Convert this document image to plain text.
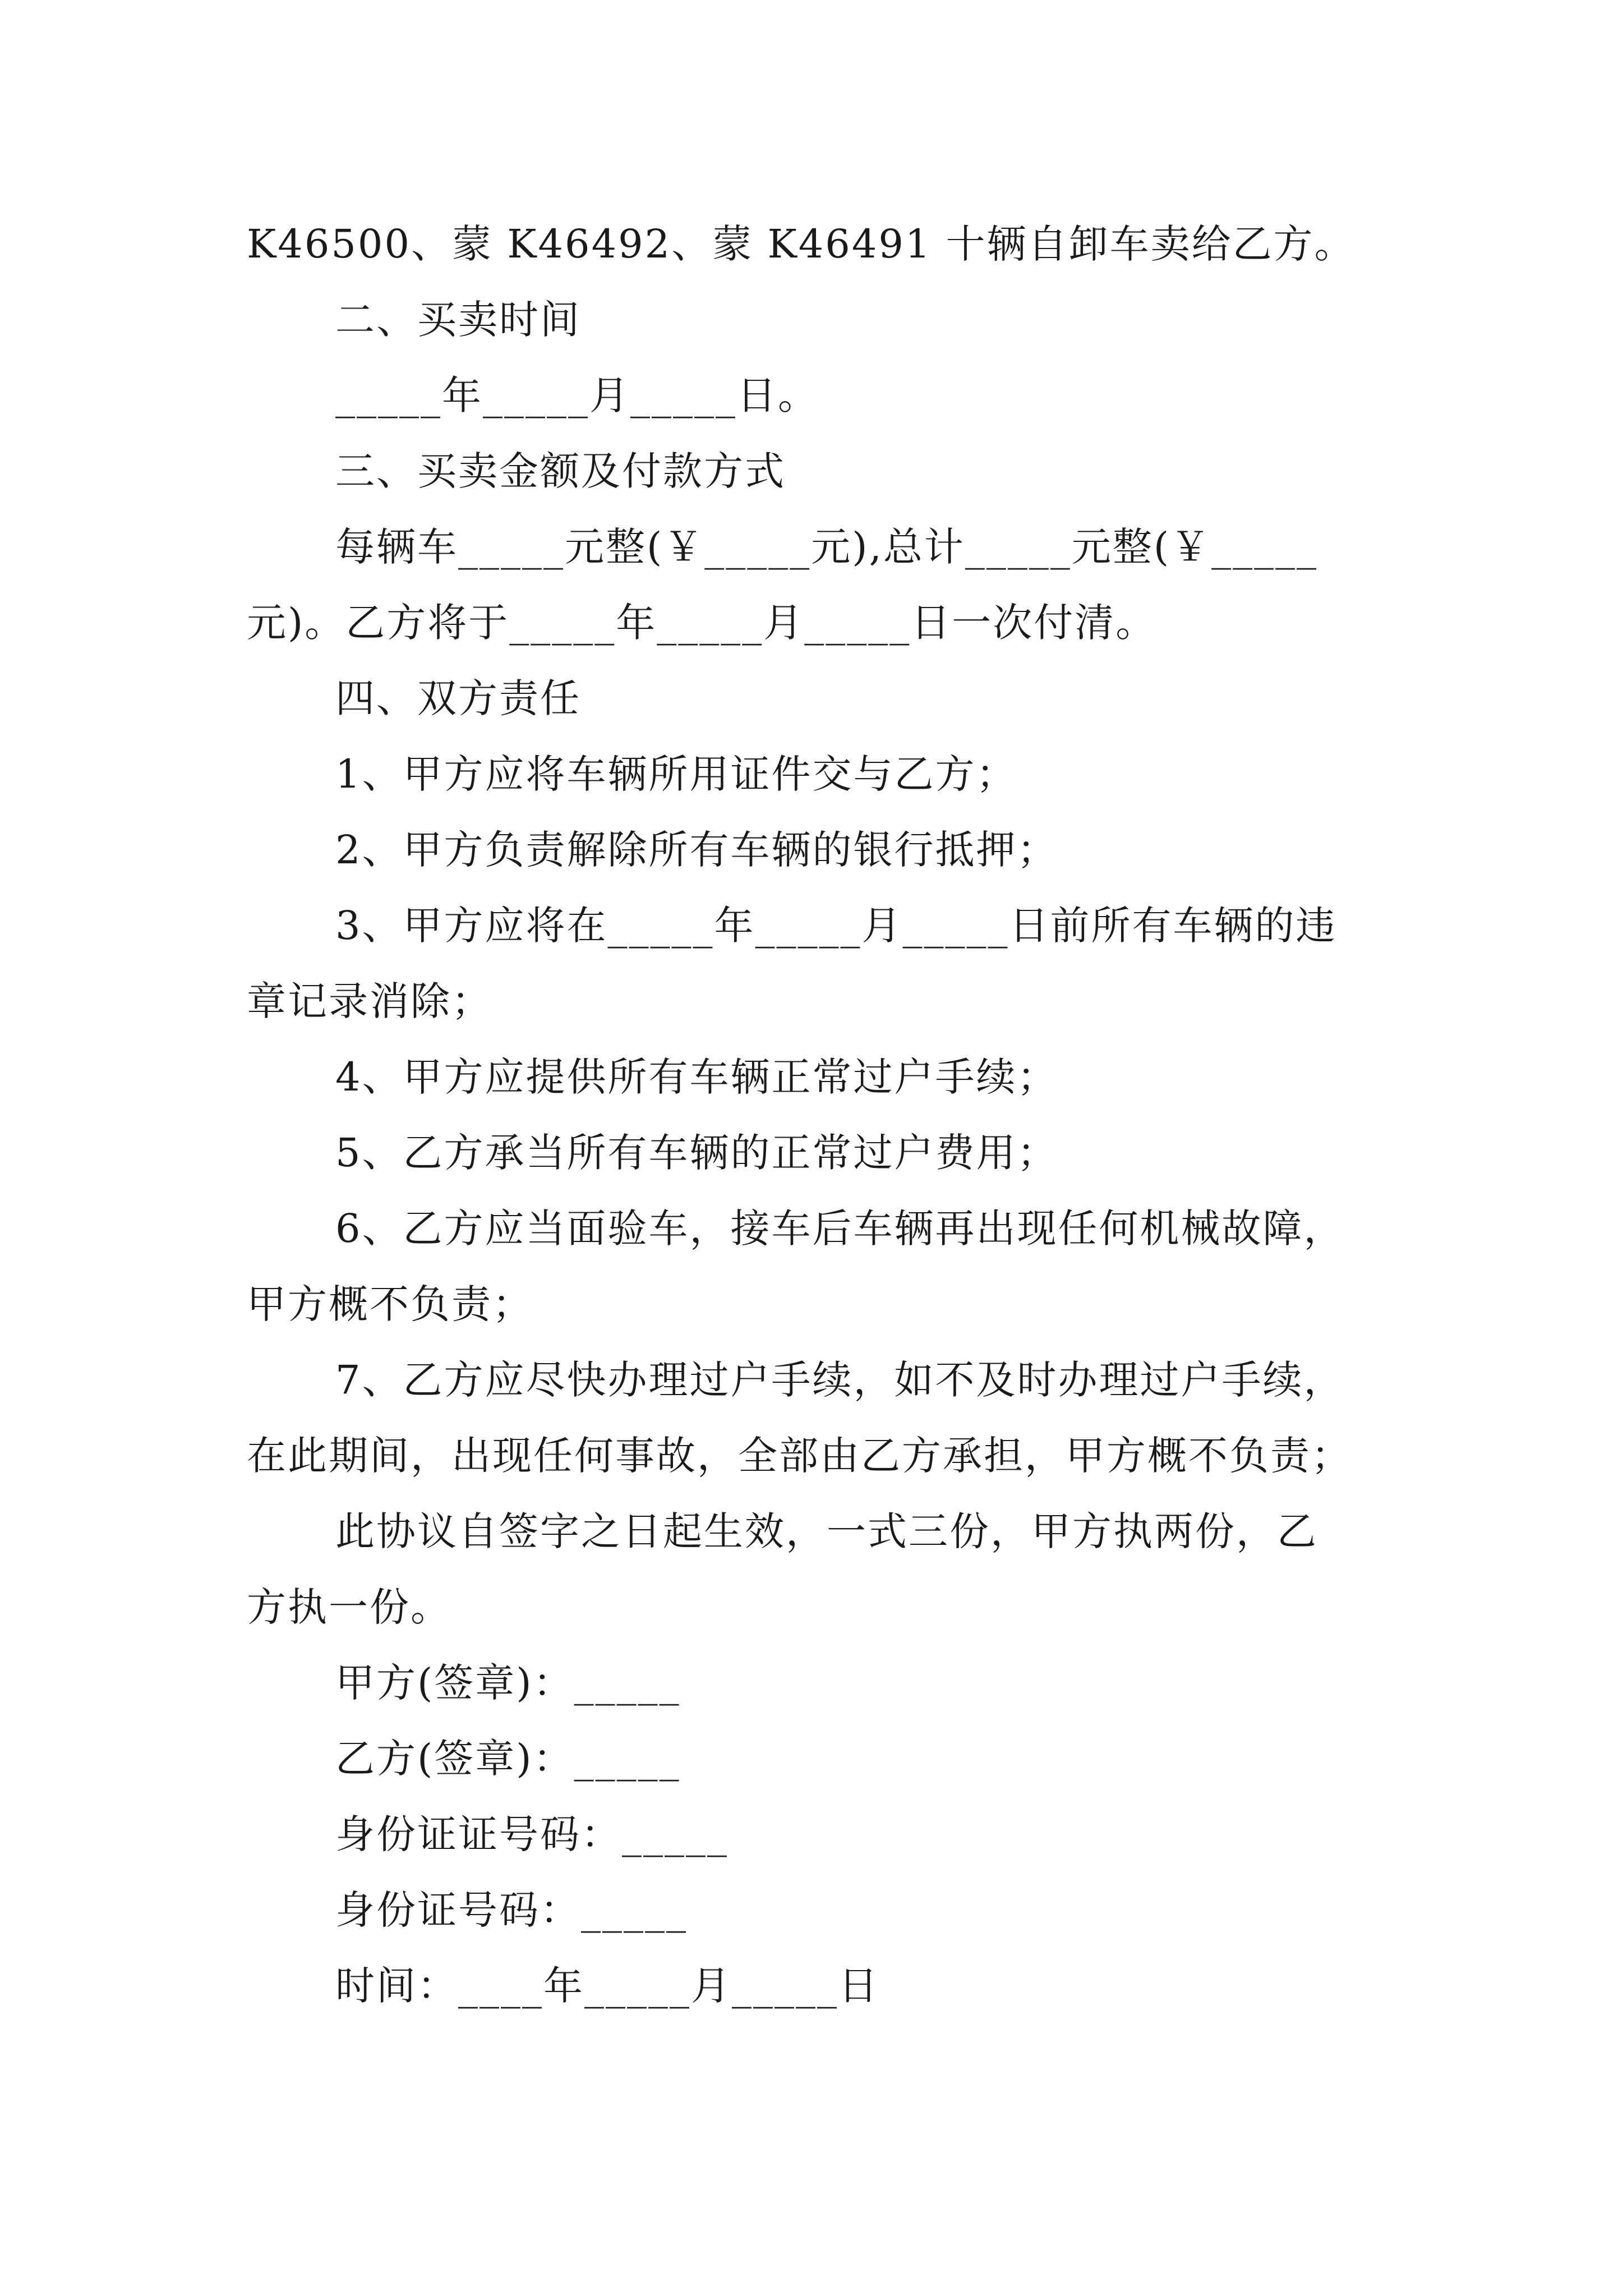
K46500、蒙 K46492、蒙 K46491 十辆自卸车卖给乙方。
二、买卖时间
_____年_____月_____日。
三、买卖金额及付款方式
每辆车_____元整(￥_____元),总计_____元整(￥_____
元)。乙方将于_____年_____月_____日一次付清。
四、双方责任
1、甲方应将车辆所用证件交与乙方；
2、甲方负责解除所有车辆的银行抵押；
3、甲方应将在_____年_____月_____日前所有车辆的违
章记录消除；
4、甲方应提供所有车辆正常过户手续；
5、乙方承当所有车辆的正常过户费用；
6、乙方应当面验车，接车后车辆再出现任何机械故障，
甲方概不负责；
7、乙方应尽快办理过户手续，如不及时办理过户手续，
在此期间，出现任何事故，全部由乙方承担，甲方概不负责；
此协议自签字之日起生效，一式三份，甲方执两份，乙
方执一份。
甲方(签章)：_____
乙方(签章)：_____
身份证证号码：_____
身份证号码：_____
时间：____年_____月_____日
